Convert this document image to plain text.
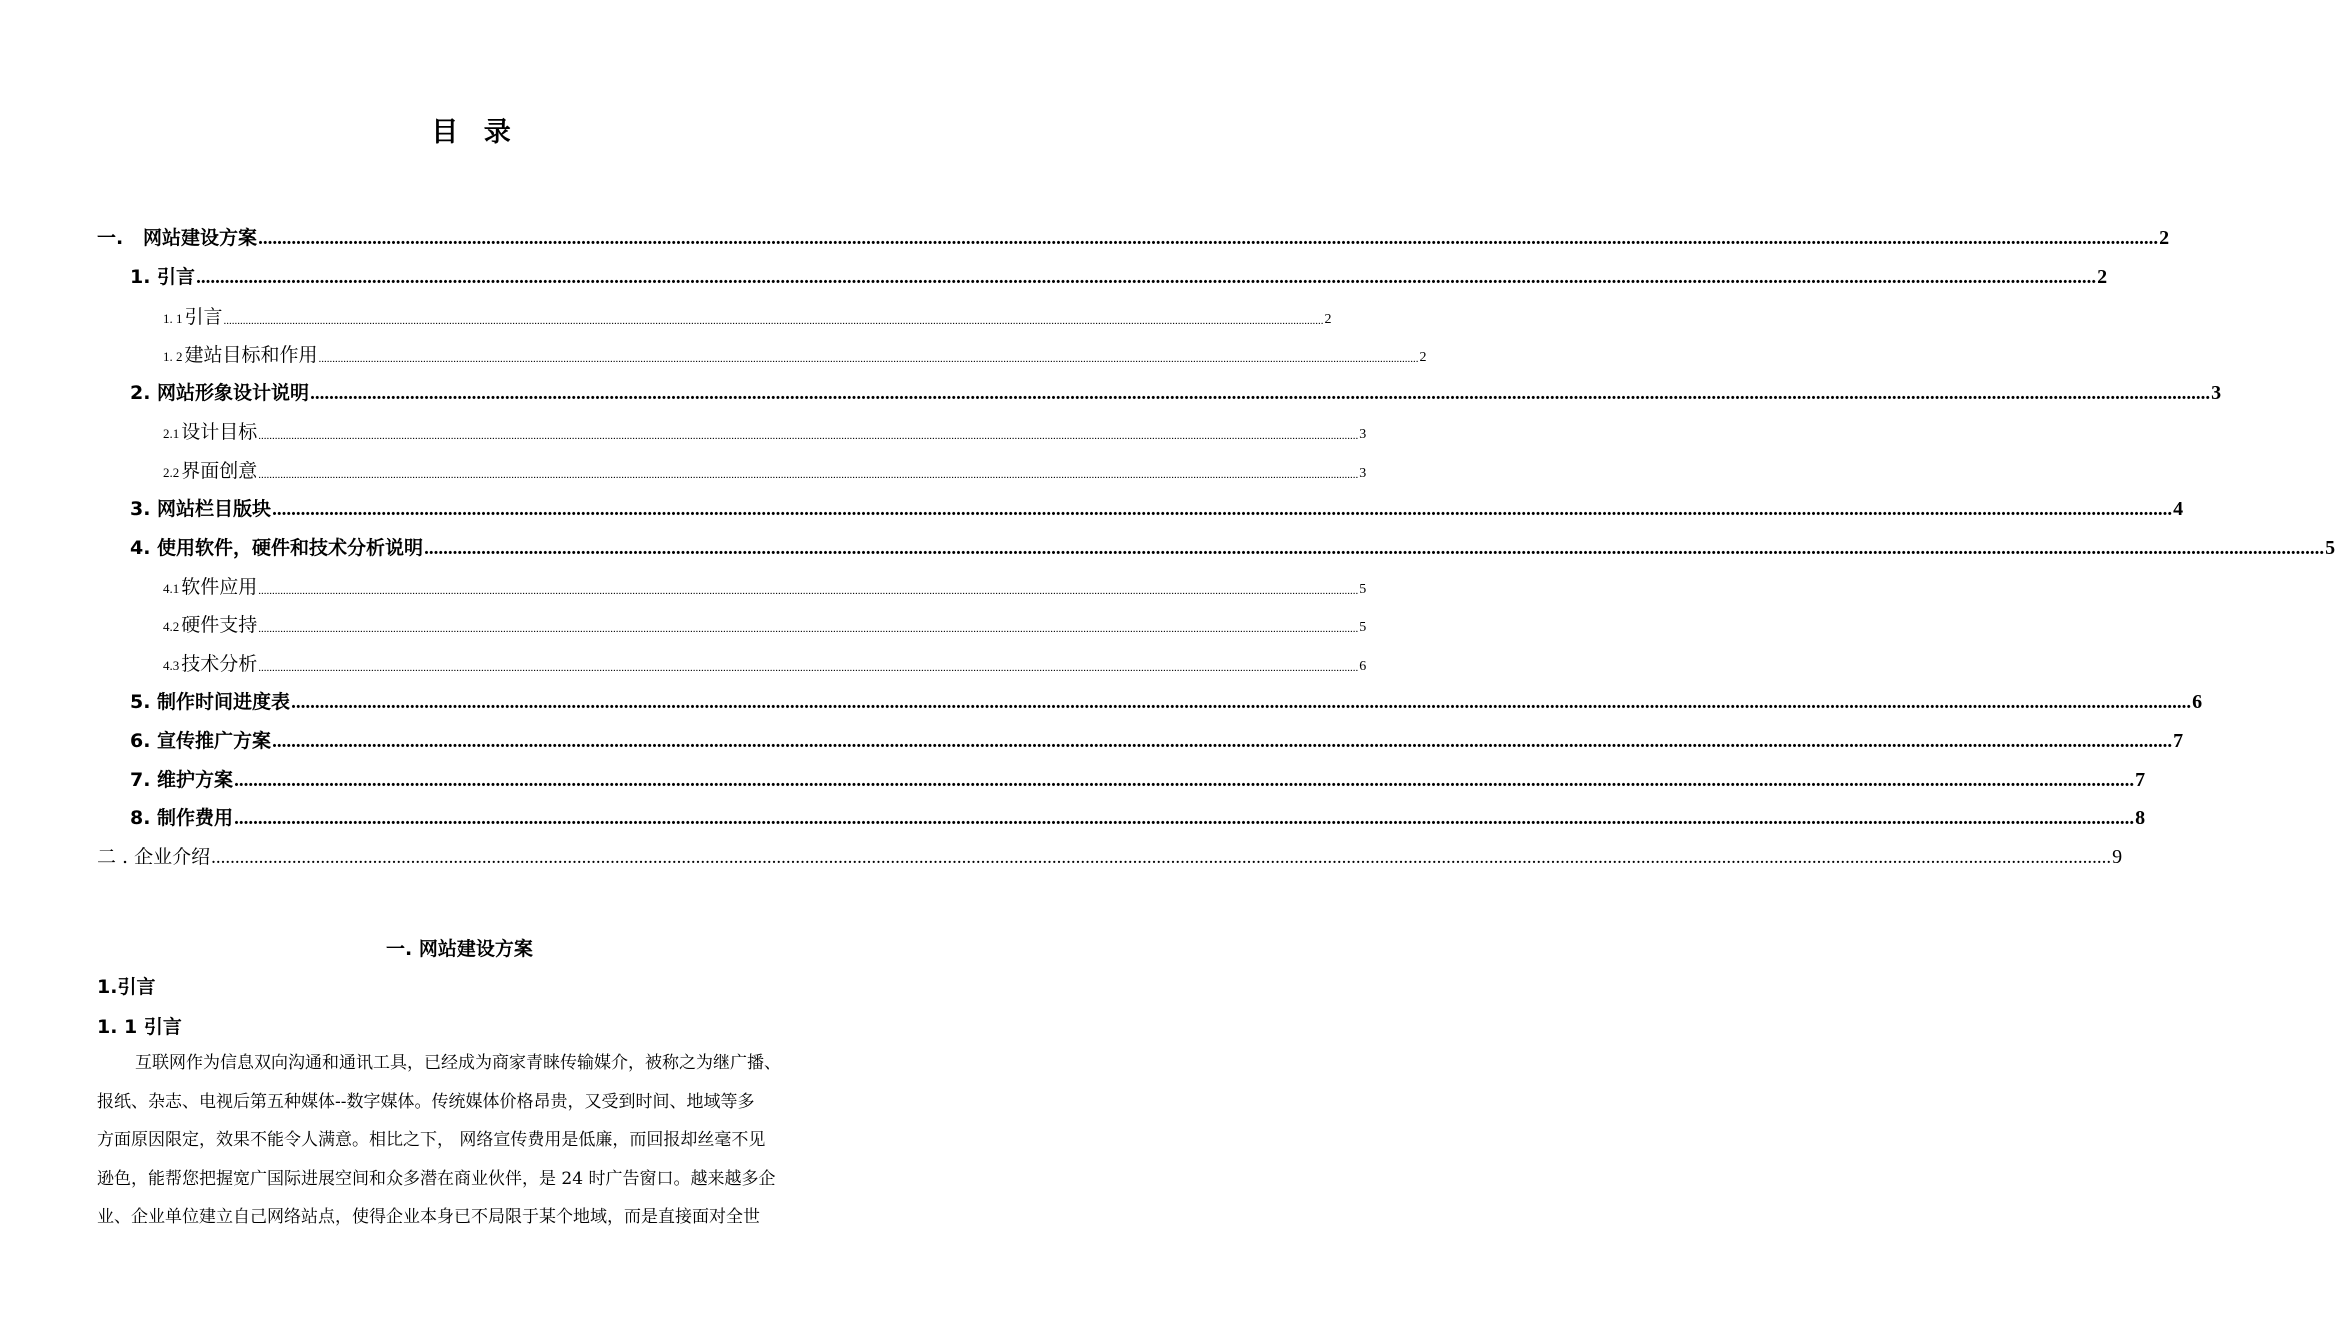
目 录
一.   网站建设方案 ................................................................................................................................................................................................................................................................................................................................................................................................................ 2
1. 引言 ................................................................................................................................................................................................................................................................................................................................................................................................................ 2
1. 1 引言 ................................................................................................................................................................................................................................................................................................................................................................................................................ 2
1. 2 建站目标和作用 ................................................................................................................................................................................................................................................................................................................................................................................................................ 2
2. 网站形象设计说明 ................................................................................................................................................................................................................................................................................................................................................................................................................ 3
2.1 设计目标 ................................................................................................................................................................................................................................................................................................................................................................................................................ 3
2.2 界面创意 ................................................................................................................................................................................................................................................................................................................................................................................................................ 3
3. 网站栏目版块 ................................................................................................................................................................................................................................................................................................................................................................................................................ 4
4. 使用软件，硬件和技术分析说明 ................................................................................................................................................................................................................................................................................................................................................................................................................ 5
4.1 软件应用 ................................................................................................................................................................................................................................................................................................................................................................................................................ 5
4.2 硬件支持 ................................................................................................................................................................................................................................................................................................................................................................................................................ 5
4.3 技术分析 ................................................................................................................................................................................................................................................................................................................................................................................................................ 6
5. 制作时间进度表 ................................................................................................................................................................................................................................................................................................................................................................................................................ 6
6. 宣传推广方案 ................................................................................................................................................................................................................................................................................................................................................................................................................ 7
7. 维护方案 ................................................................................................................................................................................................................................................................................................................................................................................................................ 7
8. 制作费用 ................................................................................................................................................................................................................................................................................................................................................................................................................ 8
二 . 企业介绍 ................................................................................................................................................................................................................................................................................................................................................................................................................ 9
一. 网站建设方案
1.引言
1. 1 引言
互联网作为信息双向沟通和通讯工具，已经成为商家青睐传输媒介，被称之为继广播、
报纸、杂志、电视后第五种媒体--数字媒体。传统媒体价格昂贵，又受到时间、地域等多
方面原因限定，效果不能令人满意。相比之下， 网络宣传费用是低廉，而回报却丝毫不见
逊色，能帮您把握宽广国际进展空间和众多潜在商业伙伴，是 24 时广告窗口。越来越多企
业、企业单位建立自己网络站点，使得企业本身已不局限于某个地域，而是直接面对全世
